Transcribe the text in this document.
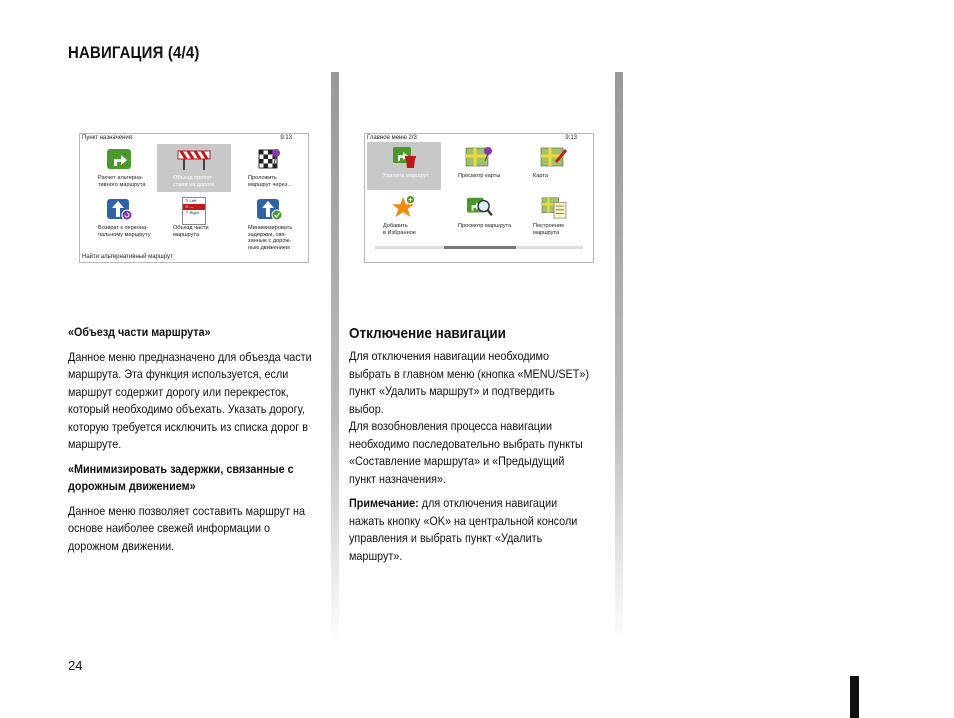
НАВИГАЦИЯ (4/4)
Пункт назначения:	9:13
Расчет альтерна-
тивного маршрута
Объезд препят-
ствия на дороге
Проложить
маршрут через...
Возврат к первона-
чальному маршруту
↰ Left
✕ —
↱ Right
Объезд части
маршрута
Минимизировать
задержки, свя-
занные с дорож-
ным движением
Найти альтернативный маршрут
Главное меню 2/3	9:13
Удалить маршрут	Просмотр карты	Карта
Добавить
в Избранное
Просмотр маршрута	Построение
маршрута
«Объезд части маршрута»

Данное меню предназначено для объезда части маршрута. Эта функция используется, если маршрут содержит дорогу или перекресток, который необходимо объехать. Указать дорогу, которую требуется исключить из списка дорог в маршруте.

«Минимизировать задержки, связанные с дорожным движением»

Данное меню позволяет составить маршрут на основе наиболее свежей информации о дорожном движении.

Отключение навигации

Для отключения навигации необходимо выбрать в главном меню (кнопка «MENU/SET») пункт «Удалить маршрут» и подтвердить выбор.

Для возобновления процесса навигации необходимо последовательно выбрать пункты «Составление маршрута» и «Предыдущий пункт назначения».

Примечание: для отключения навигации нажать кнопку «OK» на центральной консоли управления и выбрать пункт «Удалить маршрут».

24
